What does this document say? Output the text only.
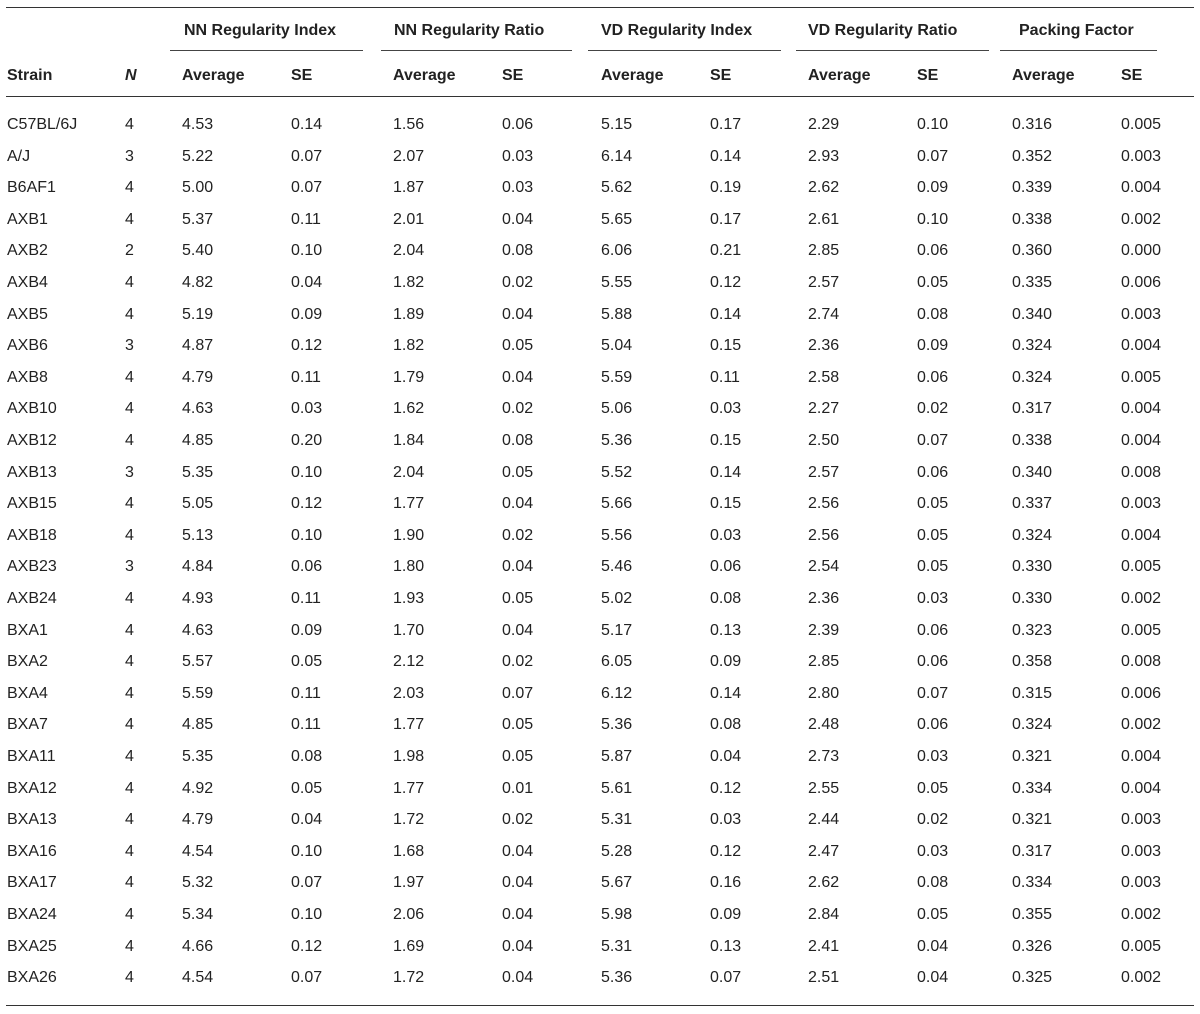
NN Regularity Index	NN Regularity Ratio	VD Regularity Index	VD Regularity Ratio	Packing Factor
Strain	N	Average	SE	Average	SE	Average	SE	Average	SE	Average	SE
C57BL/6J	4	4.53	0.14	1.56	0.06	5.15	0.17	2.29	0.10	0.316	0.005
A/J	3	5.22	0.07	2.07	0.03	6.14	0.14	2.93	0.07	0.352	0.003
B6AF1	4	5.00	0.07	1.87	0.03	5.62	0.19	2.62	0.09	0.339	0.004
AXB1	4	5.37	0.11	2.01	0.04	5.65	0.17	2.61	0.10	0.338	0.002
AXB2	2	5.40	0.10	2.04	0.08	6.06	0.21	2.85	0.06	0.360	0.000
AXB4	4	4.82	0.04	1.82	0.02	5.55	0.12	2.57	0.05	0.335	0.006
AXB5	4	5.19	0.09	1.89	0.04	5.88	0.14	2.74	0.08	0.340	0.003
AXB6	3	4.87	0.12	1.82	0.05	5.04	0.15	2.36	0.09	0.324	0.004
AXB8	4	4.79	0.11	1.79	0.04	5.59	0.11	2.58	0.06	0.324	0.005
AXB10	4	4.63	0.03	1.62	0.02	5.06	0.03	2.27	0.02	0.317	0.004
AXB12	4	4.85	0.20	1.84	0.08	5.36	0.15	2.50	0.07	0.338	0.004
AXB13	3	5.35	0.10	2.04	0.05	5.52	0.14	2.57	0.06	0.340	0.008
AXB15	4	5.05	0.12	1.77	0.04	5.66	0.15	2.56	0.05	0.337	0.003
AXB18	4	5.13	0.10	1.90	0.02	5.56	0.03	2.56	0.05	0.324	0.004
AXB23	3	4.84	0.06	1.80	0.04	5.46	0.06	2.54	0.05	0.330	0.005
AXB24	4	4.93	0.11	1.93	0.05	5.02	0.08	2.36	0.03	0.330	0.002
BXA1	4	4.63	0.09	1.70	0.04	5.17	0.13	2.39	0.06	0.323	0.005
BXA2	4	5.57	0.05	2.12	0.02	6.05	0.09	2.85	0.06	0.358	0.008
BXA4	4	5.59	0.11	2.03	0.07	6.12	0.14	2.80	0.07	0.315	0.006
BXA7	4	4.85	0.11	1.77	0.05	5.36	0.08	2.48	0.06	0.324	0.002
BXA11	4	5.35	0.08	1.98	0.05	5.87	0.04	2.73	0.03	0.321	0.004
BXA12	4	4.92	0.05	1.77	0.01	5.61	0.12	2.55	0.05	0.334	0.004
BXA13	4	4.79	0.04	1.72	0.02	5.31	0.03	2.44	0.02	0.321	0.003
BXA16	4	4.54	0.10	1.68	0.04	5.28	0.12	2.47	0.03	0.317	0.003
BXA17	4	5.32	0.07	1.97	0.04	5.67	0.16	2.62	0.08	0.334	0.003
BXA24	4	5.34	0.10	2.06	0.04	5.98	0.09	2.84	0.05	0.355	0.002
BXA25	4	4.66	0.12	1.69	0.04	5.31	0.13	2.41	0.04	0.326	0.005
BXA26	4	4.54	0.07	1.72	0.04	5.36	0.07	2.51	0.04	0.325	0.002
